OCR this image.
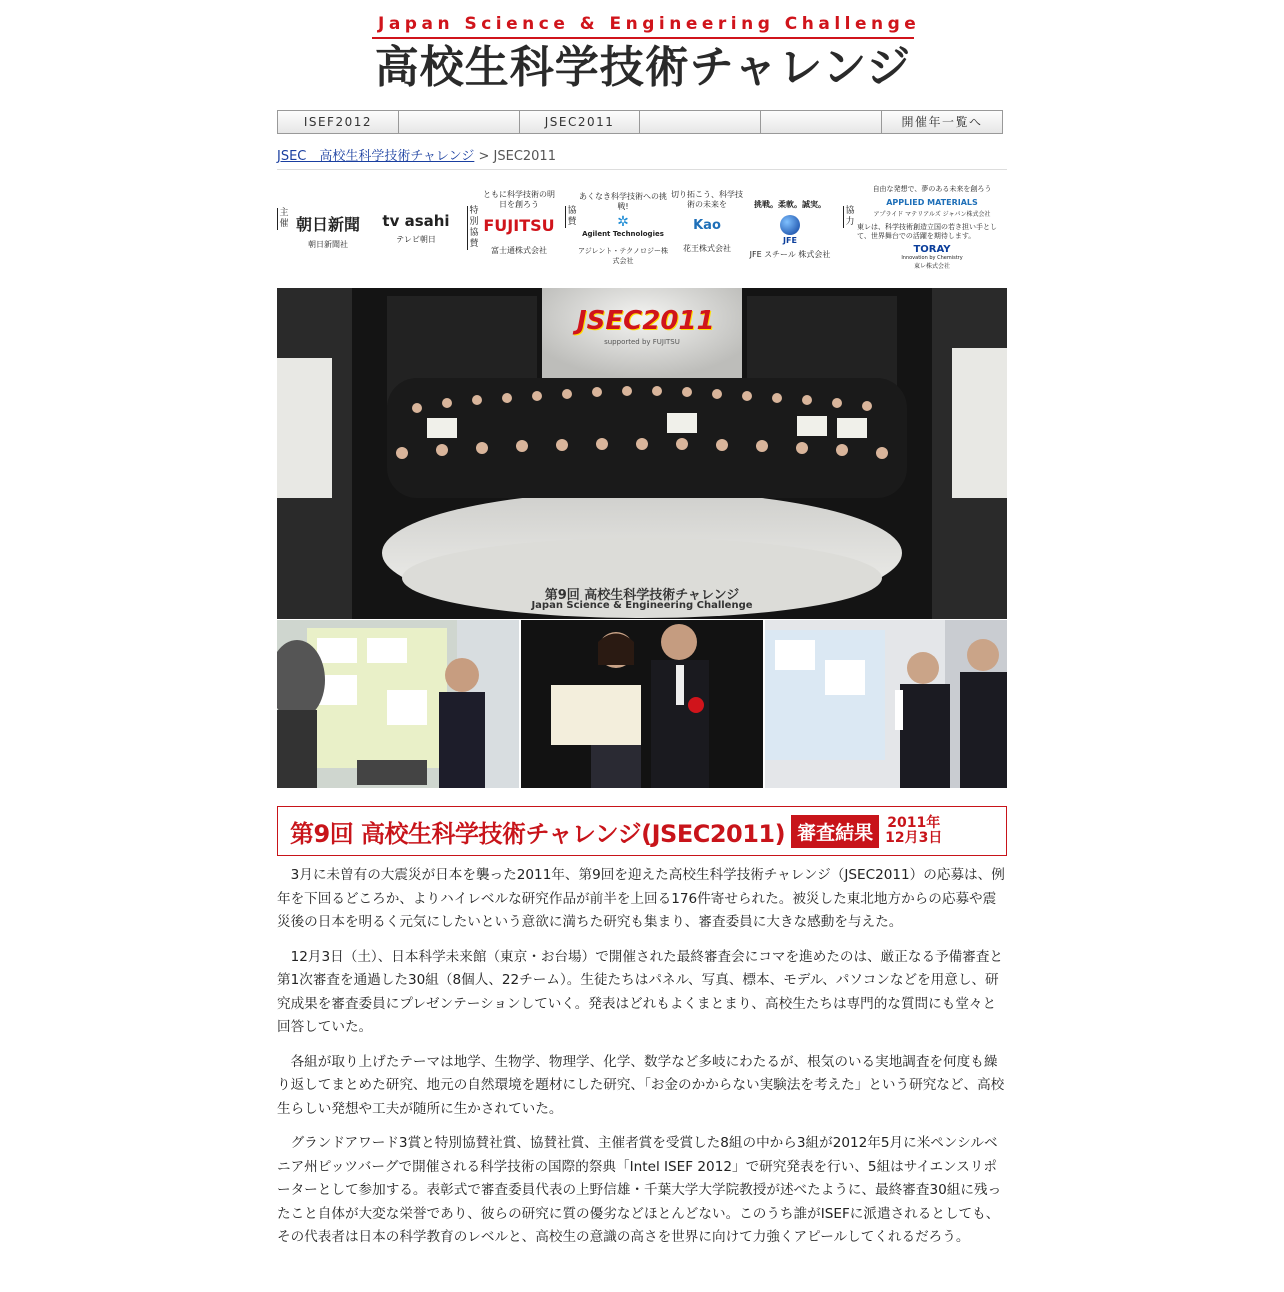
Japan Science & Engineering Challenge
高校生科学技術チャレンジ
ISEF2012	JSEC2011	開催年一覧へ
JSEC　高校生科学技術チャレンジ > JSEC2011
主催 朝日新聞
朝日新聞社
tv asahi
テレビ朝日
特別協賛
ともに科学技術の明日を創ろう
FUJITSU
富士通株式会社
協賛
あくなき科学技術への挑戦!
✲
Agilent Technologies
アジレント・テクノロジー株式会社
切り拓こう、科学技術の未来を
Kao
花王株式会社
挑戦。柔軟。誠実。
JFE
JFE スチール 株式会社
協力
自由な発想で、夢のある未来を創ろう
APPLIED MATERIALS
アプライド マテリアルズ ジャパン株式会社
東レは、科学技術創造立国の若き担い手として、世界舞台での活躍を期待します。
TORAY
Innovation by Chemistry
東レ株式会社
JSEC2011
supported by FUJITSU
第9回 高校生科学技術チャレンジ
Japan Science & Engineering Challenge
第9回 高校生科学技術チャレンジ(JSEC2011) 審査結果	2011年
12月3日

3月に未曽有の大震災が日本を襲った2011年、第9回を迎えた高校生科学技術チャレンジ（JSEC2011）の応募は、例年を下回るどころか、よりハイレベルな研究作品が前半を上回る176件寄せられた。被災した東北地方からの応募や震災後の日本を明るく元気にしたいという意欲に満ちた研究も集まり、審査委員に大きな感動を与えた。

12月3日（土）、日本科学未来館（東京・お台場）で開催された最終審査会にコマを進めたのは、厳正なる予備審査と第1次審査を通過した30組（8個人、22チーム）。生徒たちはパネル、写真、標本、モデル、パソコンなどを用意し、研究成果を審査委員にプレゼンテーションしていく。発表はどれもよくまとまり、高校生たちは専門的な質問にも堂々と回答していた。

各組が取り上げたテーマは地学、生物学、物理学、化学、数学など多岐にわたるが、根気のいる実地調査を何度も繰り返してまとめた研究、地元の自然環境を題材にした研究、「お金のかからない実験法を考えた」という研究など、高校生らしい発想や工夫が随所に生かされていた。

グランドアワード3賞と特別協賛社賞、協賛社賞、主催者賞を受賞した8組の中から3組が2012年5月に米ペンシルベニア州ピッツバーグで開催される科学技術の国際的祭典「Intel ISEF 2012」で研究発表を行い、5組はサイエンスリポーターとして参加する。表彰式で審査委員代表の上野信雄・千葉大学大学院教授が述べたように、最終審査30組に残ったこと自体が大変な栄誉であり、彼らの研究に質の優劣などほとんどない。このうち誰がISEFに派遣されるとしても、その代表者は日本の科学教育のレベルと、高校生の意識の高さを世界に向けて力強くアピールしてくれるだろう。
